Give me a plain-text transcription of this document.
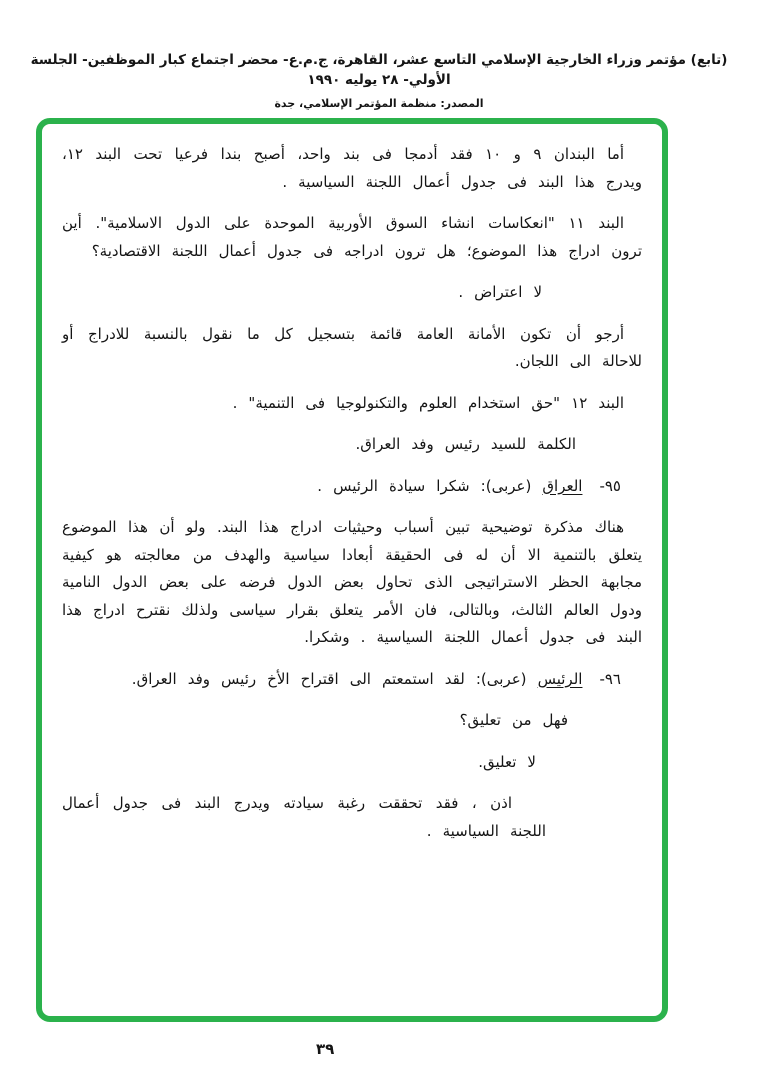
(تابع) مؤتمر وزراء الخارجية الإسلامي التاسع عشر، القاهرة، ج.م.ع- محضر اجتماع كبار الموظفين- الجلسة الأولي- ٢٨ يوليه ١٩٩٠
المصدر: منظمة المؤتمر الإسلامي، جدة

أما البندان ٩ و ١٠ فقد أدمجا فى بند واحد، أصبح بندا فرعيا تحت البند ١٢، ويدرج هذا البند فى جدول أعمال اللجنة السياسية .

البند ١١ "انعكاسات انشاء السوق الأوربية الموحدة على الدول الاسلامية". أين ترون ادراج هذا الموضوع؛ هل ترون ادراجه فى جدول أعمال اللجنة الاقتصادية؟

لا اعتراض .

أرجو أن تكون الأمانة العامة قائمة بتسجيل كل ما نقول بالنسبة للادراج أو للاحالة الى اللجان.

البند ١٢ "حق استخدام العلوم والتكنولوجيا فى التنمية" .

الكلمة للسيد رئيس وفد العراق.

٩٥-العراق (عربى): شكرا سيادة الرئيس .

هناك مذكرة توضيحية تبين أسباب وحيثيات ادراج هذا البند. ولو أن هذا الموضوع يتعلق بالتنمية الا أن له فى الحقيقة أبعادا سياسية والهدف من معالجته هو كيفية مجابهة الحظر الاستراتيجى الذى تحاول بعض الدول فرضه على بعض الدول النامية ودول العالم الثالث، وبالتالى، فان الأمر يتعلق بقرار سياسى ولذلك نقترح ادراج هذا البند فى جدول أعمال اللجنة السياسية . وشكرا.

٩٦-الرئيس (عربى): لقد استمعتم الى اقتراح الأخ رئيس وفد العراق.

فهل من تعليق؟

لا تعليق.

اذن ، فقد تحققت رغبة سيادته ويدرج البند فى جدول أعمال اللجنة السياسية .

٣٩
